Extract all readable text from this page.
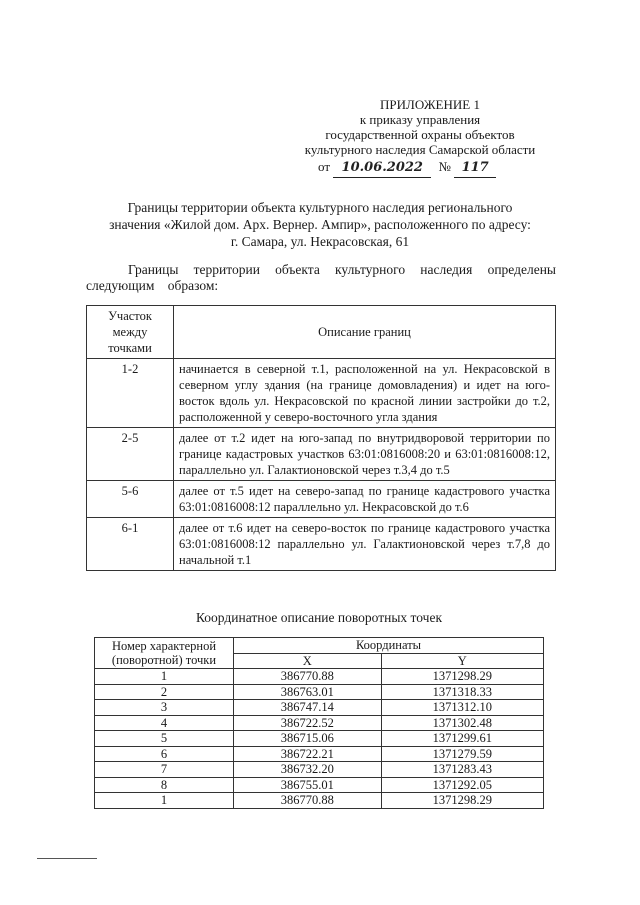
ПРИЛОЖЕНИЕ 1
к приказу управления
государственной охраны объектов
культурного наследия Самарской области
от 10.06.2022 № 117
Границы территории объекта культурного наследия регионального
значения «Жилой дом. Арх. Вернер. Ампир», расположенного по адресу:
г. Самара, ул. Некрасовская, 61
Границы территории объекта культурного наследия определены следующим образом:
Участок между точками	Описание границ
1-2	начинается в северной т.1, расположенной на ул. Некрасовской в северном углу здания (на границе домовладения) и идет на юго-восток вдоль ул. Некрасовской по красной линии застройки до т.2, расположенной у северо-восточного угла здания
2-5	далее от т.2 идет на юго-запад по внутридворовой территории по границе кадастровых участков 63:01:0816008:20 и 63:01:0816008:12, параллельно ул. Галактионовской через т.3,4 до т.5
5-6	далее от т.5 идет на северо-запад по границе кадастрового участка 63:01:0816008:12 параллельно ул. Некрасовской до т.6
6-1	далее от т.6 идет на северо-восток по границе кадастрового участка 63:01:0816008:12 параллельно ул. Галактионовской через т.7,8 до начальной т.1
Координатное описание поворотных точек
Номер характерной
(поворотной) точки	Координаты	
	X	Y
1	386770.88	1371298.29
2	386763.01	1371318.33
3	386747.14	1371312.10
4	386722.52	1371302.48
5	386715.06	1371299.61
6	386722.21	1371279.59
7	386732.20	1371283.43
8	386755.01	1371292.05
1	386770.88	1371298.29
